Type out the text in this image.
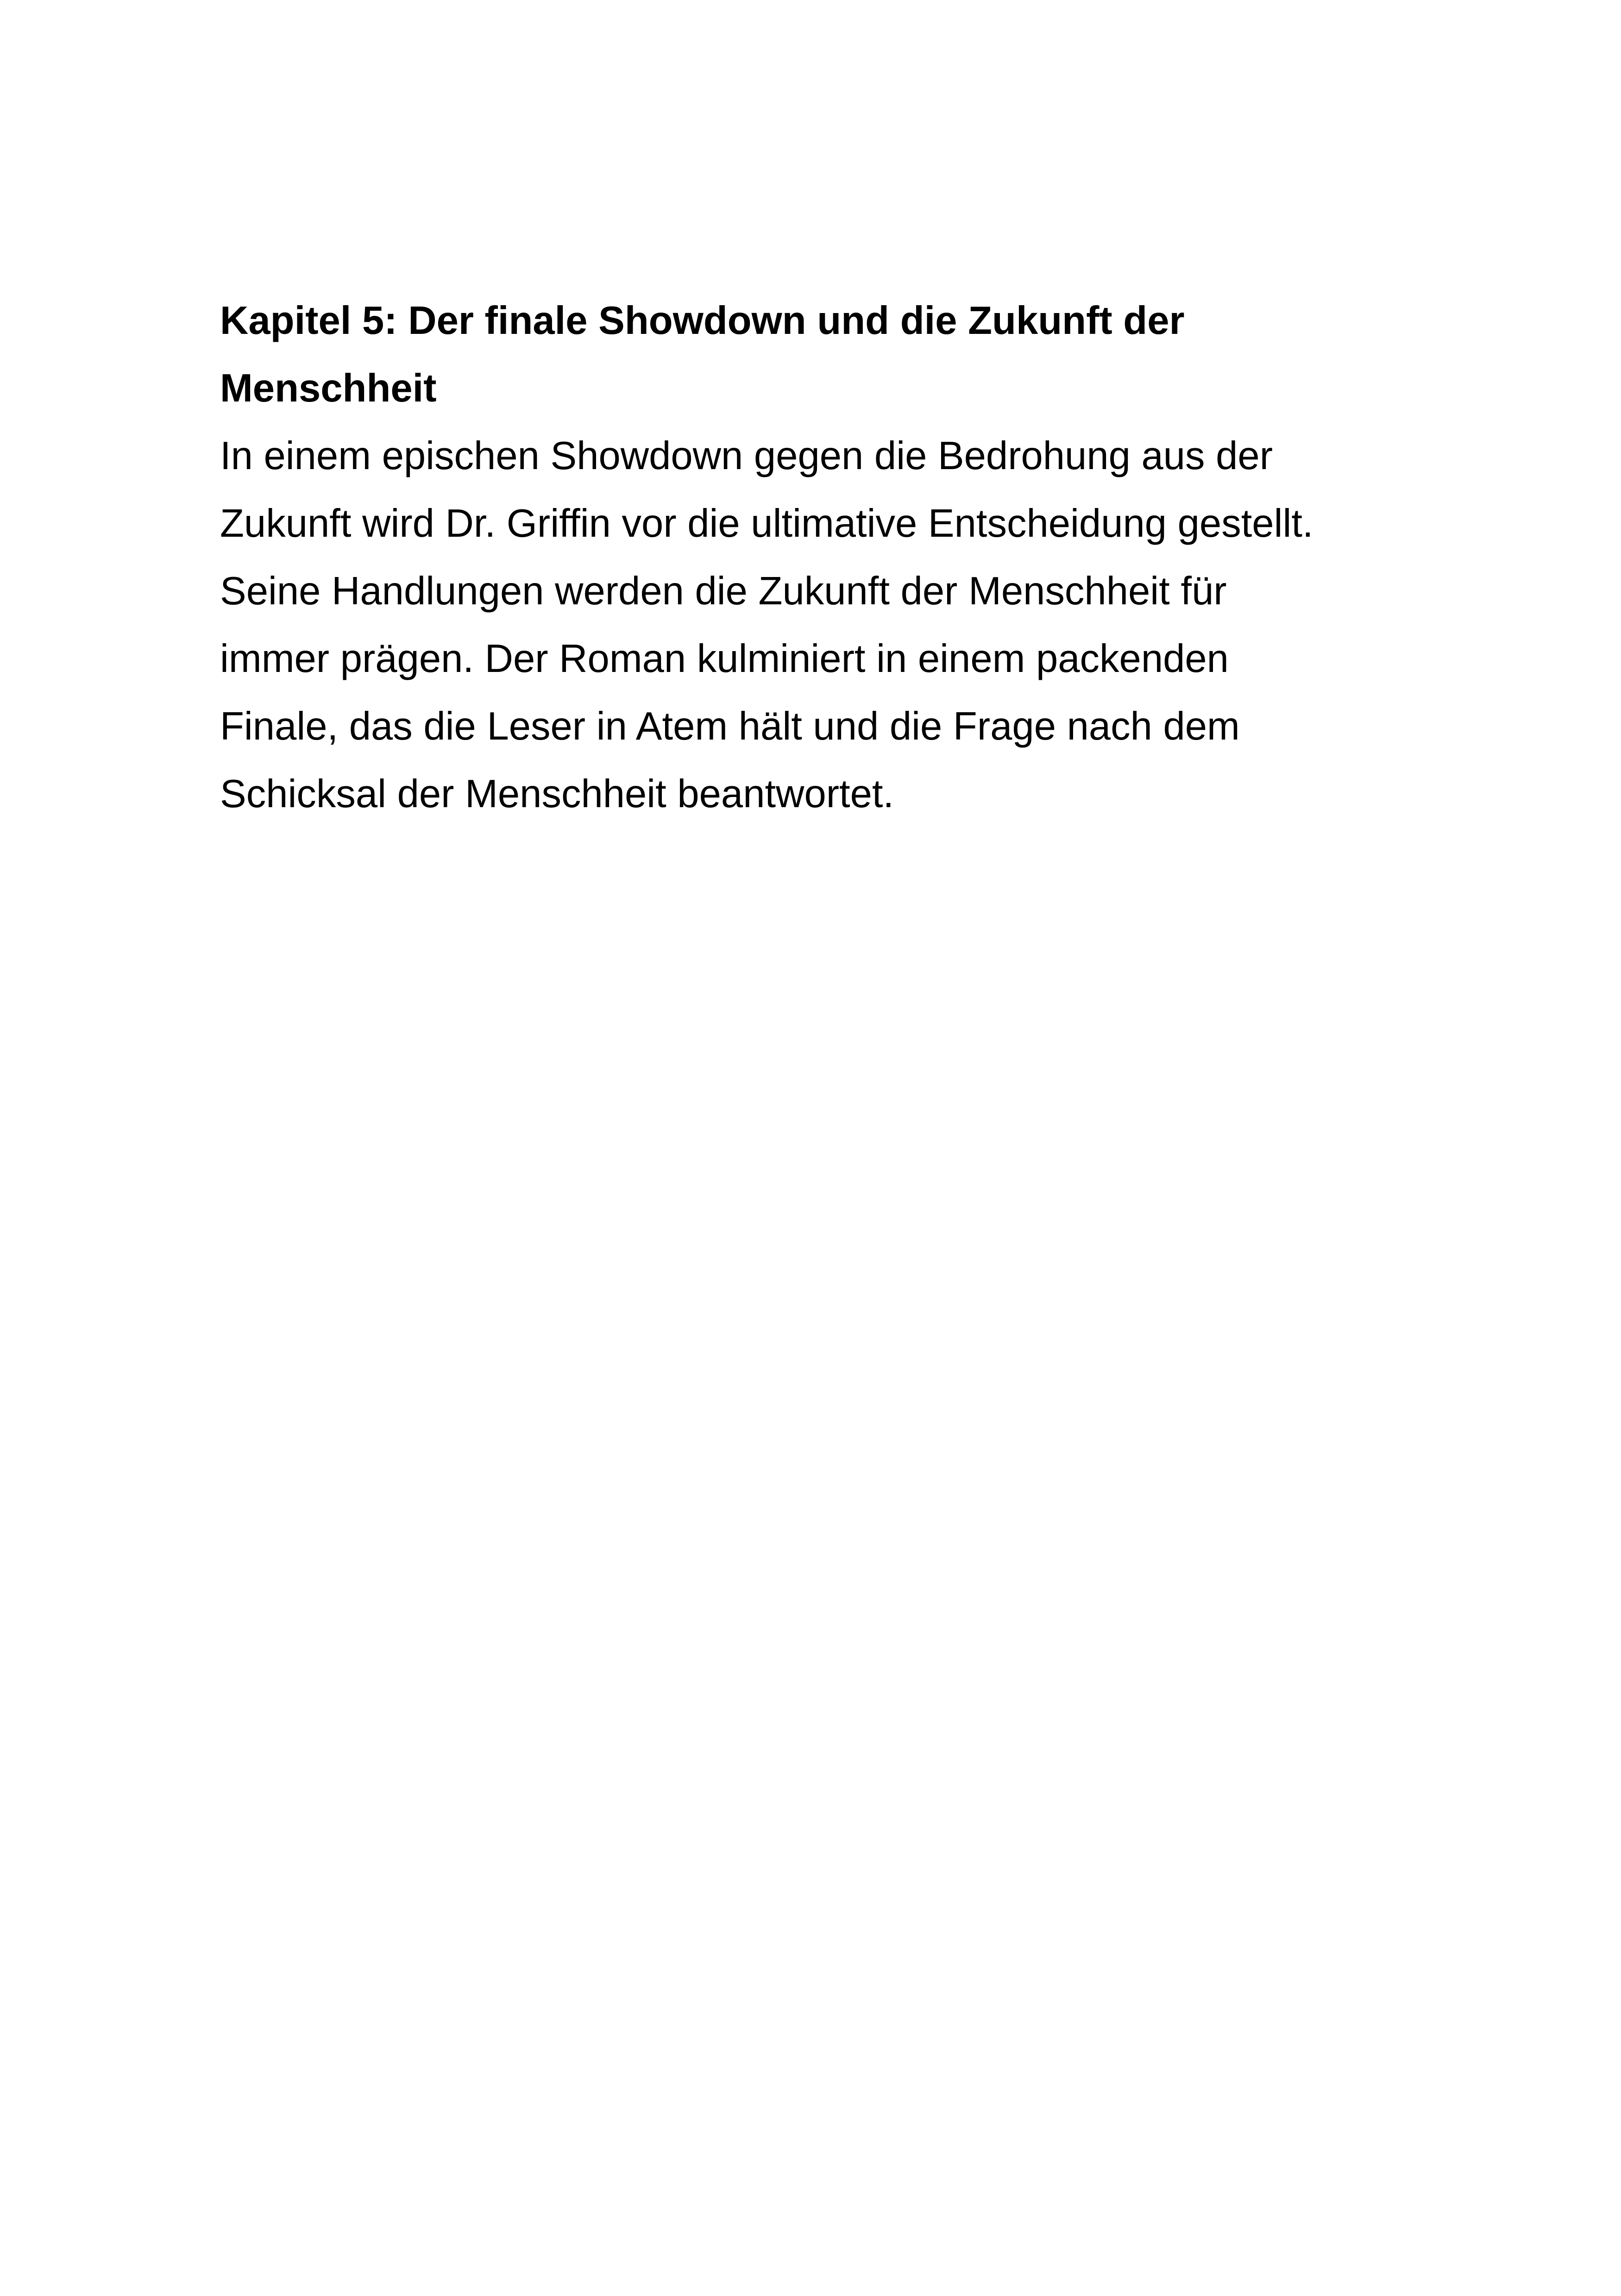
Kapitel 5: Der finale Showdown und die Zukunft der
Menschheit

In einem epischen Showdown gegen die Bedrohung aus der
Zukunft wird Dr. Griffin vor die ultimative Entscheidung gestellt.
Seine Handlungen werden die Zukunft der Menschheit für
immer prägen. Der Roman kulminiert in einem packenden
Finale, das die Leser in Atem hält und die Frage nach dem
Schicksal der Menschheit beantwortet.
